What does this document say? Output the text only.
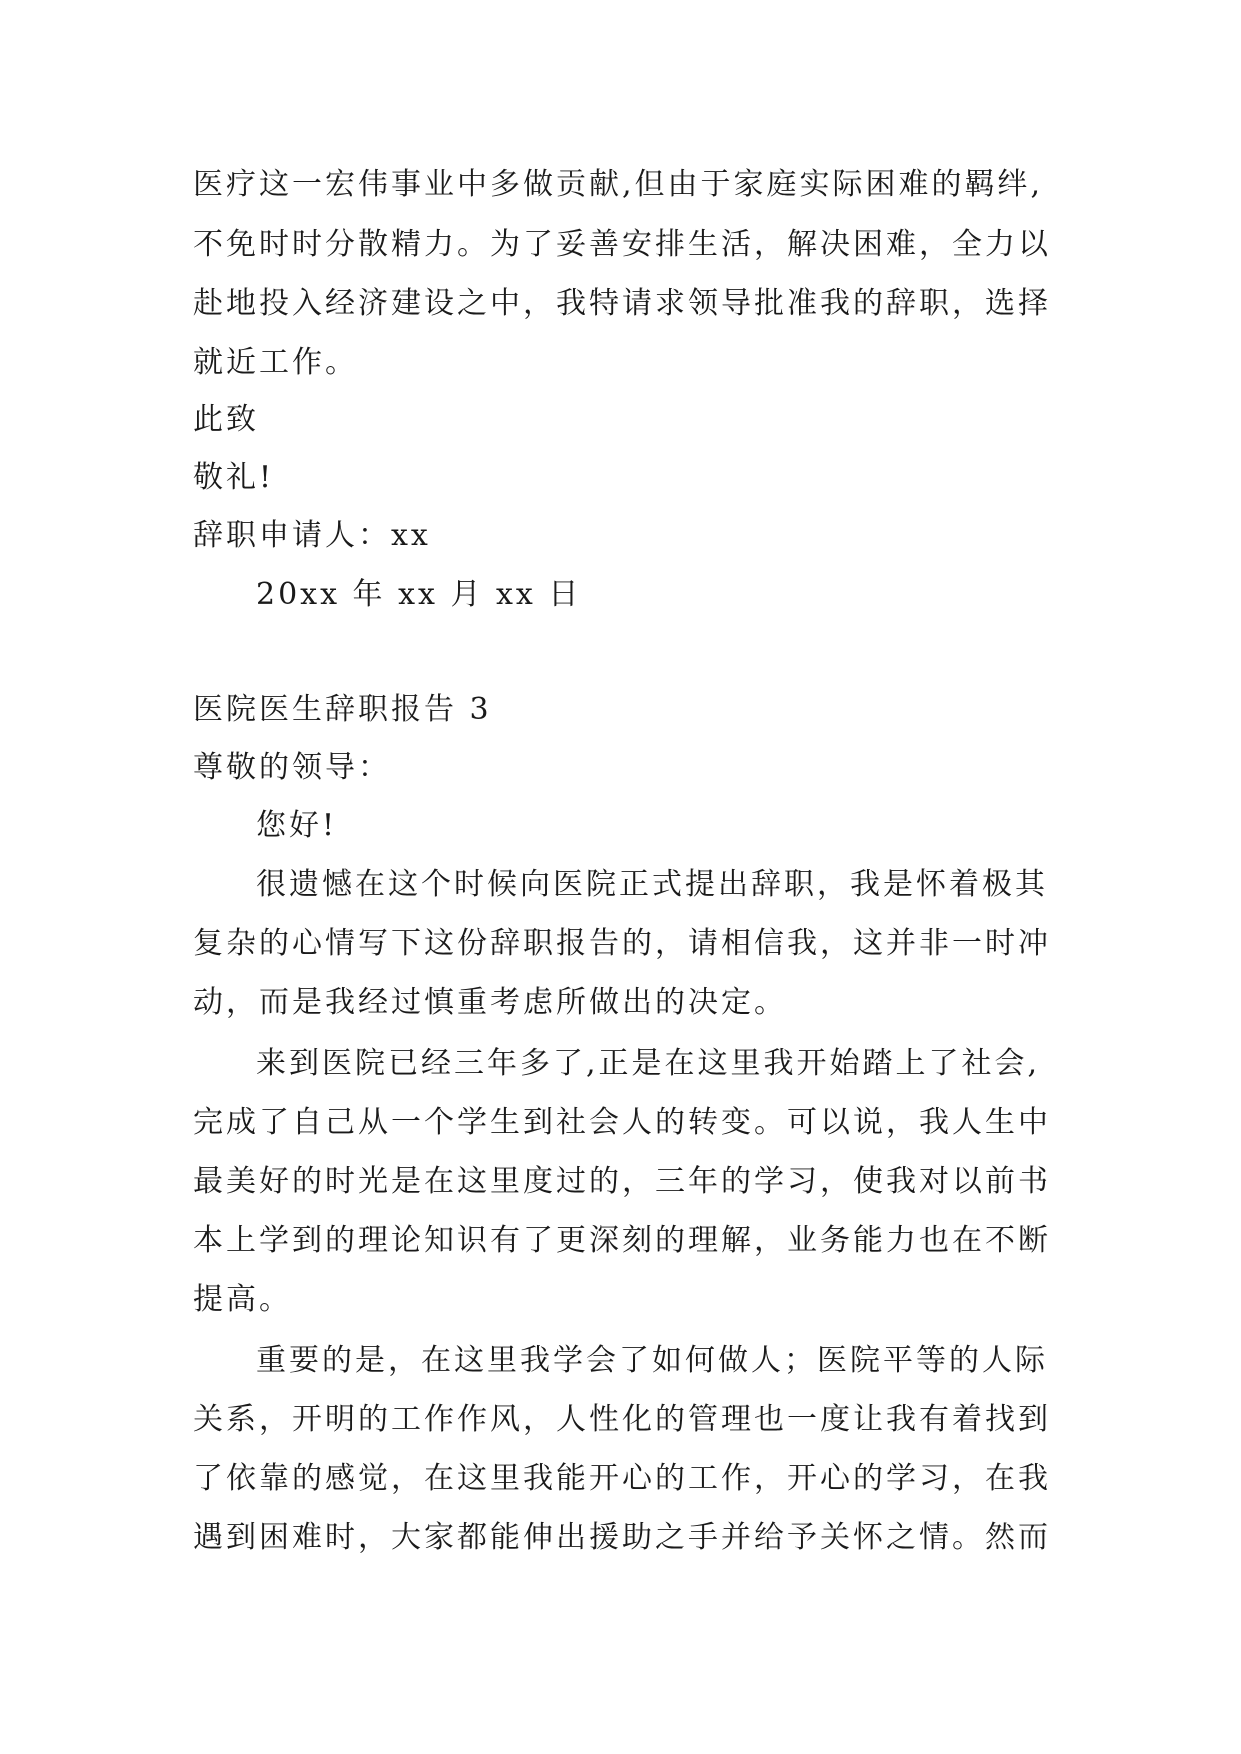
医疗这一宏伟事业中多做贡献,但由于家庭实际困难的羁绊,
不免时时分散精力。为了妥善安排生活，解决困难，全力以
赴地投入经济建设之中，我特请求领导批准我的辞职，选择
就近工作。
此致
敬礼!
辞职申请人：xx
20xx 年 xx 月 xx 日
医院医生辞职报告 3
尊敬的领导：
您好!
很遗憾在这个时候向医院正式提出辞职，我是怀着极其
复杂的心情写下这份辞职报告的，请相信我，这并非一时冲
动，而是我经过慎重考虑所做出的决定。
来到医院已经三年多了,正是在这里我开始踏上了社会,
完成了自己从一个学生到社会人的转变。可以说，我人生中
最美好的时光是在这里度过的，三年的学习，使我对以前书
本上学到的理论知识有了更深刻的理解，业务能力也在不断
提高。
重要的是，在这里我学会了如何做人；医院平等的人际
关系，开明的工作作风，人性化的管理也一度让我有着找到
了依靠的感觉，在这里我能开心的工作，开心的学习，在我
遇到困难时，大家都能伸出援助之手并给予关怀之情。然而
